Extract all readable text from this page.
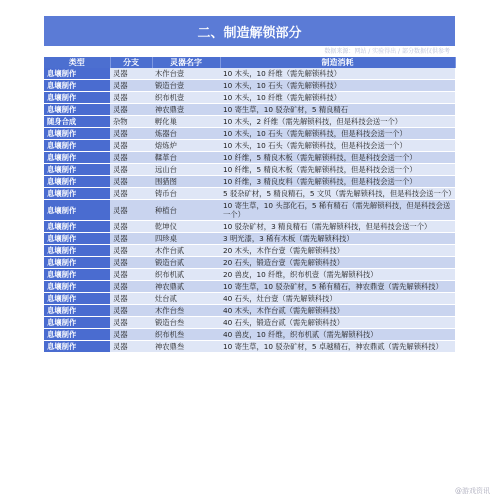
二、制造解锁部分
数据来源：网站 / 实验得出 / 部分数据仅供参考
类型	分支	灵器名字	制造消耗
息壤制作	灵器	木作台壹	10 木头，10 纤维（需先解锁科技）
息壤制作	灵器	锻造台壹	10 木头，10 石头（需先解锁科技）
息壤制作	灵器	织布机壹	10 木头，10 纤维（需先解锁科技）
息壤制作	灵器	神农鼎壹	10 寄生草，10 驳杂矿材，5 精良精石
随身合成	杂物	孵化巢	10 木头，2 纤维（需先解锁科技，但是科技会送一个）
息壤制作	灵器	炼器台	10 木头，10 石头（需先解锁科技，但是科技会送一个）
息壤制作	灵器	熔炼炉	10 木头，10 石头（需先解锁科技，但是科技会送一个）
息壤制作	灵器	鞣革台	10 纤维，5 精良木板（需先解锁科技，但是科技会送一个）
息壤制作	灵器	远山台	10 纤维，5 精良木板（需先解锁科技，但是科技会送一个）
息壤制作	灵器	围猎图	10 纤维，3 精良皮料（需先解锁科技，但是科技会送一个）
息壤制作	灵器	铸币台	5 驳杂矿材，5 精良精石，5 文贝（需先解锁科技，但是科技会送一个）
息壤制作	灵器	种植台	10 寄生草，10 头部化石，5 稀有精石（需先解锁科技，但是科技会送一个）
息壤制作	灵器	乾坤仪	10 驳杂矿材，3 精良精石（需先解锁科技，但是科技会送一个）
息壤制作	灵器	四珍桌	3 明光漆，3 稀有木板（需先解锁科技）
息壤制作	灵器	木作台贰	20 木头，木作台壹（需先解锁科技）
息壤制作	灵器	锻造台贰	20 石头，锻造台壹（需先解锁科技）
息壤制作	灵器	织布机贰	20 兽皮，10 纤维，织布机壹（需先解锁科技）
息壤制作	灵器	神农鼎贰	10 寄生草，10 驳杂矿材，5 稀有精石，神农鼎壹（需先解锁科技）
息壤制作	灵器	灶台贰	40 石头，灶台壹（需先解锁科技）
息壤制作	灵器	木作台叁	40 木头，木作台贰（需先解锁科技）
息壤制作	灵器	锻造台叁	40 石头，锻造台贰（需先解锁科技）
息壤制作	灵器	织布机叁	40 兽皮，10 纤维，织布机贰（需先解锁科技）
息壤制作	灵器	神农鼎叁	10 寄生草，10 驳杂矿材，5 卓越精石，神农鼎贰（需先解锁科技）
@游戏资讯
